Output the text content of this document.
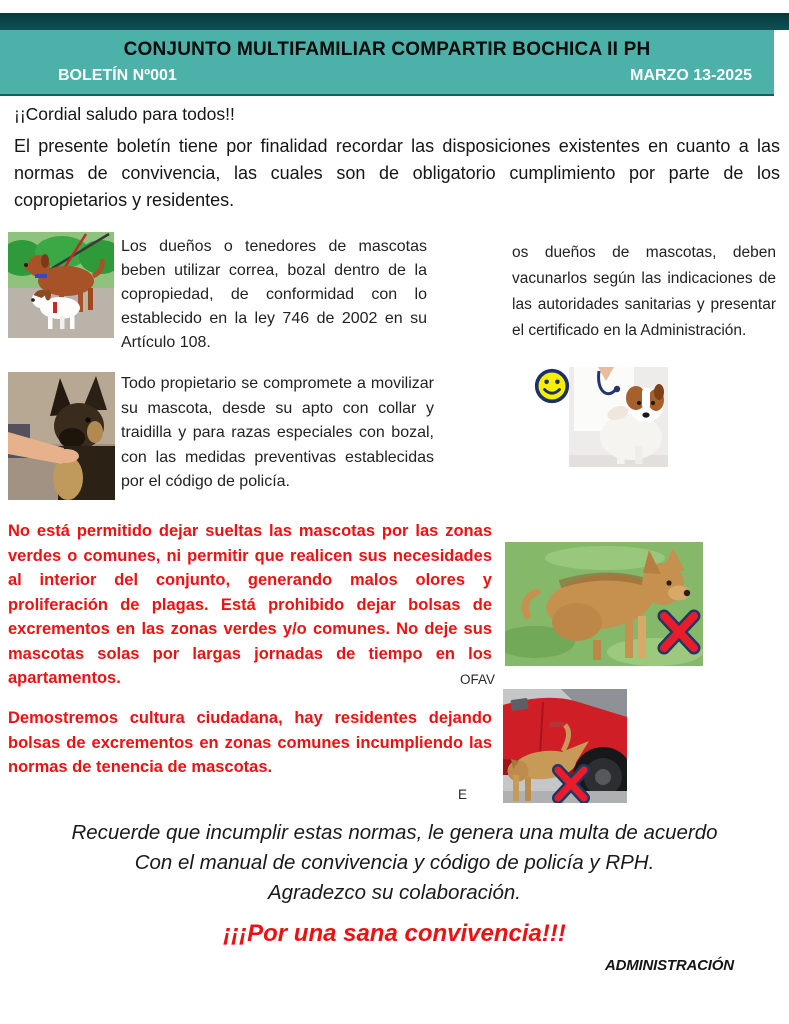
CONJUNTO MULTIFAMILIAR COMPARTIR BOCHICA II PH
BOLETÍN Nº001	MARZO 13-2025
¡¡Cordial saludo para todos!!
El presente boletín tiene por finalidad recordar las disposiciones existentes en cuanto a las normas de convivencia, las cuales son de obligatorio cumplimiento por parte de los copropietarios y residentes.
Los dueños o tenedores de mascotas beben utilizar correa, bozal dentro de la copropiedad, de conformidad con lo establecido en la ley 746 de 2002 en su Artículo 108.
os dueños de mascotas, deben vacunarlos según las indicaciones de las autoridades sanitarias y presentar el certificado en la Administración.
Todo propietario se compromete a movilizar su mascota, desde su apto con collar y traidilla y para razas especiales con bozal, con las medidas preventivas establecidas por el código de policía.
No está permitido dejar sueltas las mascotas por las zonas verdes o comunes, ni permitir que realicen sus necesidades al interior del conjunto, generando malos olores y proliferación de plagas. Está prohibido dejar bolsas de excrementos en las zonas verdes y/o comunes. No deje sus mascotas solas por largas jornadas de tiempo en los apartamentos.	OFAV
Demostremos cultura ciudadana, hay residentes dejando bolsas de excrementos en zonas comunes incumpliendo las normas de tenencia de mascotas.
E
Recuerde que incumplir estas normas, le genera una multa de acuerdo
Con el manual de convivencia y código de policía y RPH.
Agradezco su colaboración.
¡¡¡Por una sana convivencia!!!
ADMINISTRACIÓN
